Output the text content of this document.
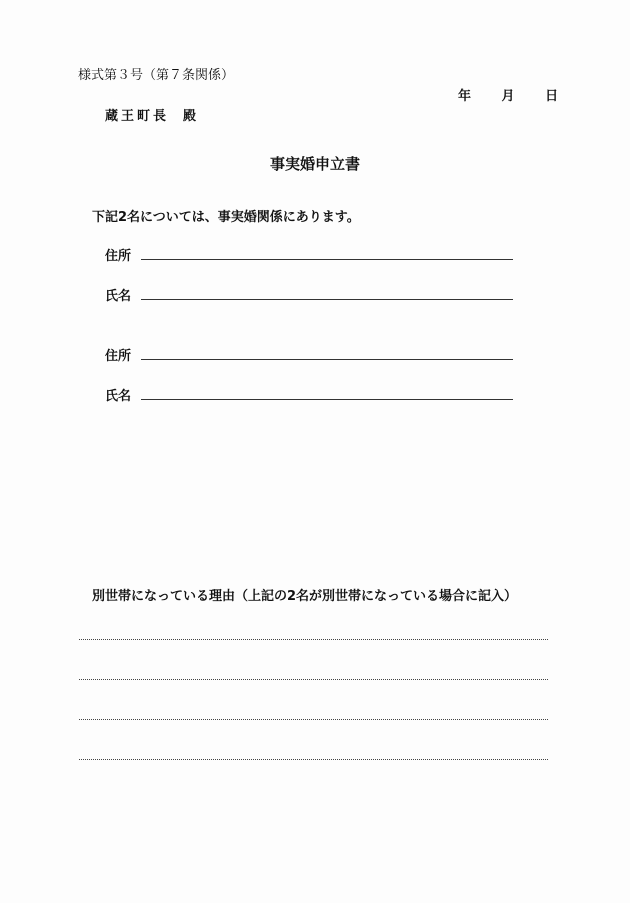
様式第３号（第７条関係）
年 月 日
蔵王町長 殿
事実婚申立書
下記2名については、事実婚関係にあります。
住所
氏名
住所
氏名
別世帯になっている理由（上記の2名が別世帯になっている場合に記入）
